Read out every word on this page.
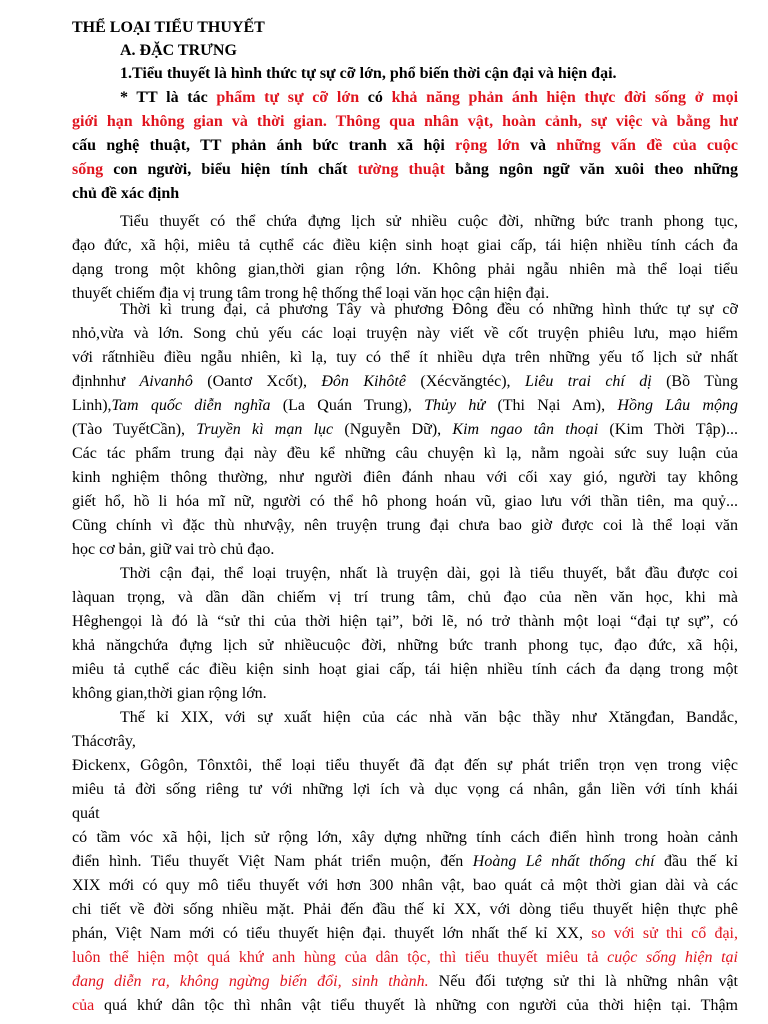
THỂ LOẠI TIỂU THUYẾT
A. ĐẶC TRƯNG
1.Tiểu thuyết là hình thức tự sự cỡ lớn, phổ biến thời cận đại và hiện đại.
* TT là tác phẩm tự sự cỡ lớn có khả năng phản ánh hiện thực đời sống ở mọi
giới hạn không gian và thời gian. Thông qua nhân vật, hoàn cảnh, sự việc và bằng hư
cấu nghệ thuật, TT phản ánh bức tranh xã hội rộng lớn và những vấn đề của cuộc
sống con người, biểu hiện tính chất tường thuật bằng ngôn ngữ văn xuôi theo những
chủ đề xác định
Tiểu thuyết có thể chứa đựng lịch sử nhiều cuộc đời, những bức tranh phong tục,
đạo đức, xã hội, miêu tả cụthể các điều kiện sinh hoạt giai cấp, tái hiện nhiều tính cách đa
dạng trong một không gian,thời gian rộng lớn. Không phải ngẫu nhiên mà thể loại tiểu
thuyết chiếm địa vị trung tâm trong hệ thống thể loại văn học cận hiện đại.
Thời kì trung đại, cả phương Tây và phương Đông đều có những hình thức tự sự cỡ
nhỏ,vừa và lớn. Song chủ yếu các loại truyện này viết về cốt truyện phiêu lưu, mạo hiểm
với rấtnhiều điều ngẫu nhiên, kì lạ, tuy có thể ít nhiều dựa trên những yếu tố lịch sử nhất
địnhnhư Aivanhô (Oantơ Xcốt), Đôn Kihôtê (Xécvăngtéc), Liêu trai chí dị (Bồ Tùng
Linh),Tam quốc diễn nghĩa (La Quán Trung), Thủy hử (Thi Nại Am), Hồng Lâu mộng
(Tào TuyếtCần), Truyền kì mạn lục (Nguyễn Dữ), Kim ngao tân thoại (Kim Thời Tập)...
Các tác phẩm trung đại này đều kể những câu chuyện kì lạ, nằm ngoài sức suy luận của
kinh nghiệm thông thường, như người điên đánh nhau với cối xay gió, người tay không
giết hổ, hồ li hóa mĩ nữ, người có thể hô phong hoán vũ, giao lưu với thần tiên, ma quỷ...
Cũng chính vì đặc thù nhưvậy, nên truyện trung đại chưa bao giờ được coi là thể loại văn
học cơ bản, giữ vai trò chủ đạo.
Thời cận đại, thể loại truyện, nhất là truyện dài, gọi là tiểu thuyết, bắt đầu được coi
làquan trọng, và dần dần chiếm vị trí trung tâm, chủ đạo của nền văn học, khi mà
Hêghengọi là đó là “sử thi của thời hiện tại”, bởi lẽ, nó trở thành một loại “đại tự sự”, có
khả năngchứa đựng lịch sử nhiềucuộc đời, những bức tranh phong tục, đạo đức, xã hội,
miêu tả cụthể các điều kiện sinh hoạt giai cấp, tái hiện nhiều tính cách đa dạng trong một
không gian,thời gian rộng lớn.
Thế kỉ XIX, với sự xuất hiện của các nhà văn bậc thầy như Xtăngđan, Bandắc,
Thácơrây,
Đickenx, Gôgôn, Tônxtôi, thể loại tiểu thuyết đã đạt đến sự phát triển trọn vẹn trong việc
miêu tả đời sống riêng tư với những lợi ích và dục vọng cá nhân, gắn liền với tính khái
quát
có tầm vóc xã hội, lịch sử rộng lớn, xây dựng những tính cách điển hình trong hoàn cảnh
điển hình. Tiểu thuyết Việt Nam phát triển muộn, đến Hoàng Lê nhất thống chí đầu thế kỉ
XIX mới có quy mô tiểu thuyết với hơn 300 nhân vật, bao quát cả một thời gian dài và các
chi tiết về đời sống nhiều mặt. Phải đến đầu thế kỉ XX, với dòng tiểu thuyết hiện thực phê
phán, Việt Nam mới có tiểu thuyết hiện đại. thuyết lớn nhất thế kỉ XX, so với sử thi cổ đại,
luôn thể hiện một quá khứ anh hùng của dân tộc, thì tiểu thuyết miêu tả cuộc sống hiện tại
đang diễn ra, không ngừng biến đổi, sinh thành. Nếu đối tượng sử thi là những nhân vật
của quá khứ dân tộc thì nhân vật tiểu thuyết là những con người của thời hiện tại. Thậm
